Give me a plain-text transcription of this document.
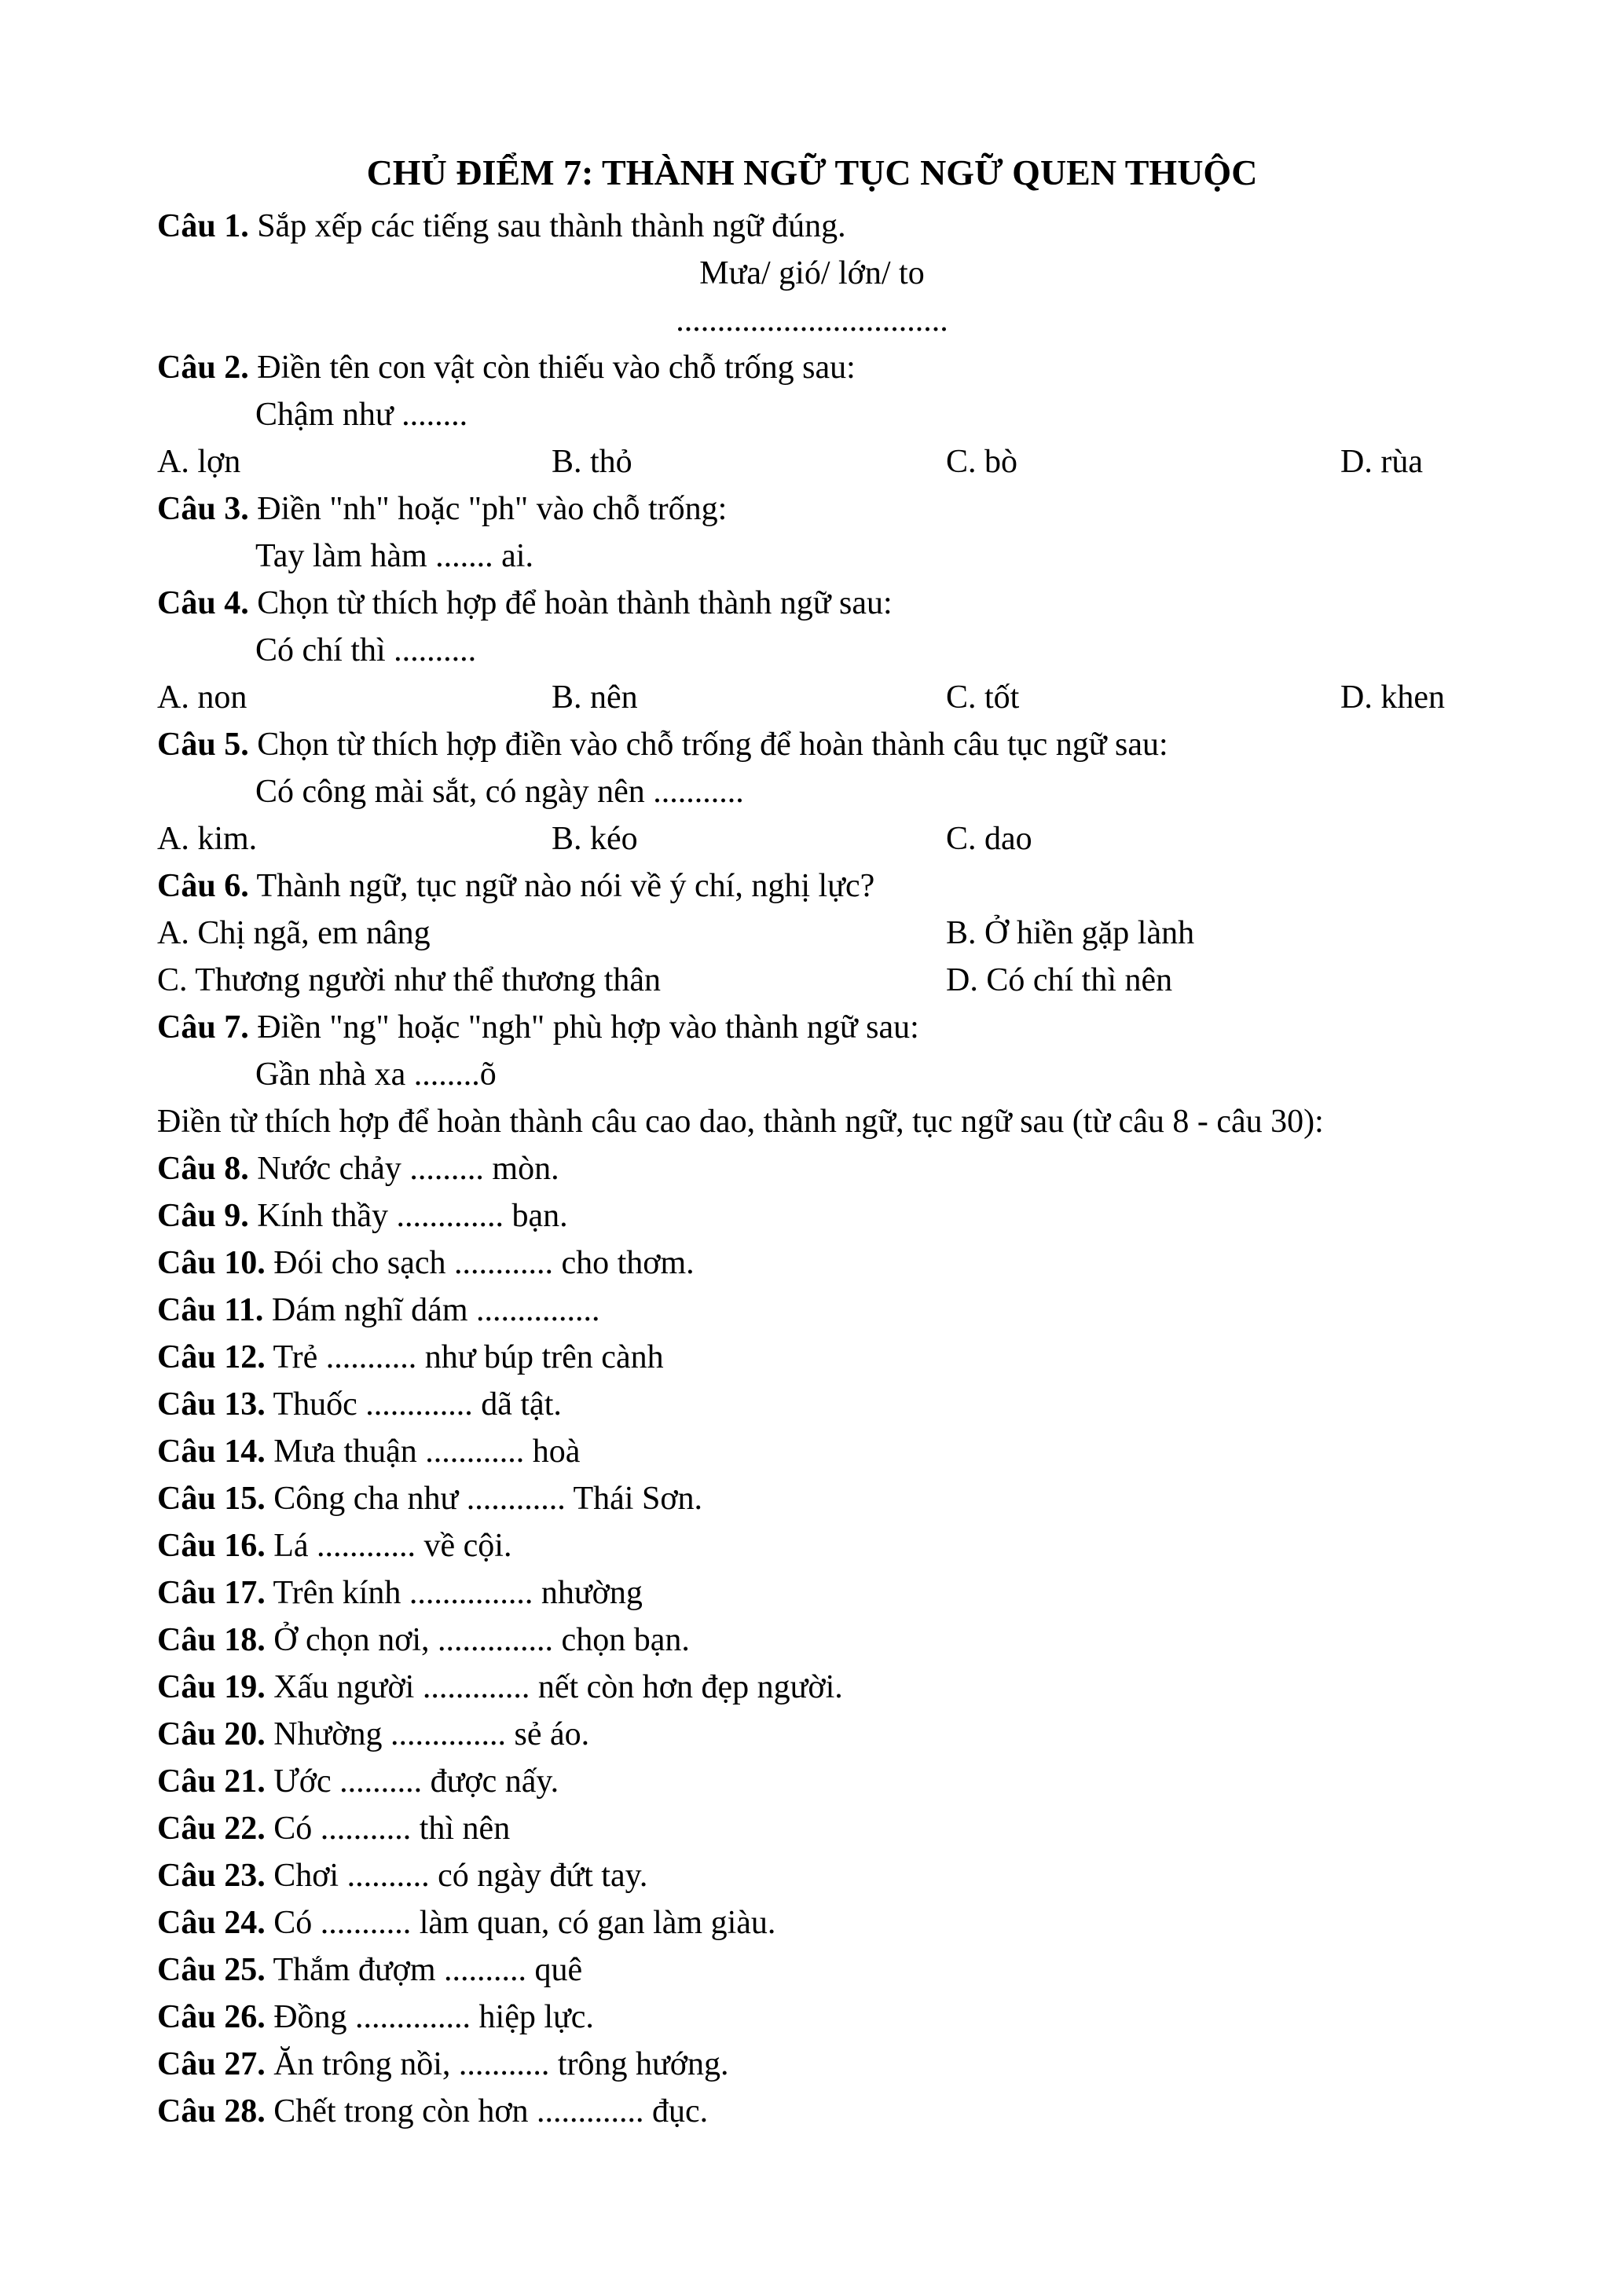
CHỦ ĐIỂM 7: THÀNH NGỮ TỤC NGỮ QUEN THUỘC
Câu 1. Sắp xếp các tiếng sau thành thành ngữ đúng.
Mưa/ gió/ lớn/ to
.................................
Câu 2. Điền tên con vật còn thiếu vào chỗ trống sau:
Chậm như ........
A. lợn	B. thỏ	C. bò	D. rùa
Câu 3. Điền "nh" hoặc "ph" vào chỗ trống:
Tay làm hàm ....... ai.
Câu 4. Chọn từ thích hợp để hoàn thành thành ngữ sau:
Có chí thì ..........
A. non	B. nên	C. tốt	D. khen
Câu 5. Chọn từ thích hợp điền vào chỗ trống để hoàn thành câu tục ngữ sau:
Có công mài sắt, có ngày nên ...........
A. kim.	B. kéo	C. dao
Câu 6. Thành ngữ, tục ngữ nào nói về ý chí, nghị lực?
A. Chị ngã, em nâng	B. Ở hiền gặp lành
C. Thương người như thể thương thân	D. Có chí thì nên
Câu 7. Điền "ng" hoặc "ngh" phù hợp vào thành ngữ sau:
Gần nhà xa ........õ
Điền từ thích hợp để hoàn thành câu cao dao, thành ngữ, tục ngữ sau (từ câu 8 - câu 30):
Câu 8. Nước chảy ......... mòn.
Câu 9. Kính thầy ............. bạn.
Câu 10. Đói cho sạch ............ cho thơm.
Câu 11. Dám nghĩ dám ...............
Câu 12. Trẻ ........... như búp trên cành
Câu 13. Thuốc ............. dã tật.
Câu 14. Mưa thuận ............ hoà
Câu 15. Công cha như ............ Thái Sơn.
Câu 16. Lá ............ về cội.
Câu 17. Trên kính ............... nhường
Câu 18. Ở chọn nơi, .............. chọn bạn.
Câu 19. Xấu người ............. nết còn hơn đẹp người.
Câu 20. Nhường .............. sẻ áo.
Câu 21. Ước .......... được nấy.
Câu 22. Có ........... thì nên
Câu 23. Chơi .......... có ngày đứt tay.
Câu 24. Có ........... làm quan, có gan làm giàu.
Câu 25. Thắm đượm .......... quê
Câu 26. Đồng .............. hiệp lực.
Câu 27. Ăn trông nồi, ........... trông hướng.
Câu 28. Chết trong còn hơn ............. đục.
